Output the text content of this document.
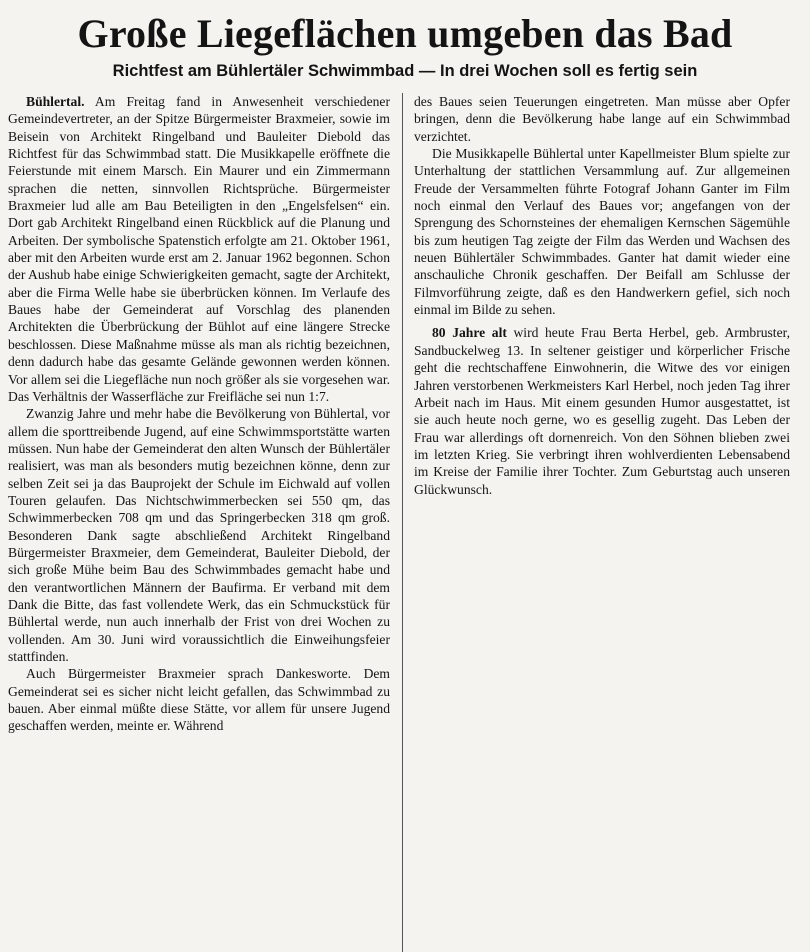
Große Liegeflächen umgeben das Bad
Richtfest am Bühlertäler Schwimmbad — In drei Wochen soll es fertig sein

Bühlertal. Am Freitag fand in Anwesenheit verschiedener Gemeindevertreter, an der Spitze Bürgermeister Braxmeier, sowie im Beisein von Architekt Ringelband und Bauleiter Diebold das Richtfest für das Schwimmbad statt. Die Musikkapelle eröffnete die Feierstunde mit einem Marsch. Ein Maurer und ein Zimmermann sprachen die netten, sinnvollen Richtsprüche. Bürgermeister Braxmeier lud alle am Bau Beteiligten in den „Engelsfelsen“ ein. Dort gab Architekt Ringelband einen Rückblick auf die Planung und Arbeiten. Der symbolische Spatenstich erfolgte am 21. Oktober 1961, aber mit den Arbeiten wurde erst am 2. Januar 1962 begonnen. Schon der Aushub habe einige Schwierigkeiten gemacht, sagte der Architekt, aber die Firma Welle habe sie überbrücken können. Im Verlaufe des Baues habe der Gemeinderat auf Vorschlag des planenden Architekten die Überbrückung der Bühlot auf eine längere Strecke beschlossen. Diese Maßnahme müsse als man als richtig bezeichnen, denn dadurch habe das gesamte Gelände gewonnen werden können. Vor allem sei die Liegefläche nun noch größer als sie vorgesehen war. Das Verhältnis der Wasserfläche zur Freifläche sei nun 1:7.

Zwanzig Jahre und mehr habe die Bevölkerung von Bühlertal, vor allem die sporttreibende Jugend, auf eine Schwimmsportstätte warten müssen. Nun habe der Gemeinderat den alten Wunsch der Bühlertäler realisiert, was man als besonders mutig bezeichnen könne, denn zur selben Zeit sei ja das Bauprojekt der Schule im Eichwald auf vollen Touren gelaufen. Das Nichtschwimmerbecken sei 550 qm, das Schwimmerbecken 708 qm und das Springerbecken 318 qm groß. Besonderen Dank sagte abschließend Architekt Ringelband Bürgermeister Braxmeier, dem Gemeinderat, Bauleiter Diebold, der sich große Mühe beim Bau des Schwimmbades gemacht habe und den verantwortlichen Männern der Baufirma. Er verband mit dem Dank die Bitte, das fast vollendete Werk, das ein Schmuckstück für Bühlertal werde, nun auch innerhalb der Frist von drei Wochen zu vollenden. Am 30. Juni wird voraussichtlich die Einweihungsfeier stattfinden.

Auch Bürgermeister Braxmeier sprach Dankesworte. Dem Gemeinderat sei es sicher nicht leicht gefallen, das Schwimmbad zu bauen. Aber einmal müßte diese Stätte, vor allem für unsere Jugend geschaffen werden, meinte er. Während

des Baues seien Teuerungen eingetreten. Man müsse aber Opfer bringen, denn die Bevölkerung habe lange auf ein Schwimmbad verzichtet.

Die Musikkapelle Bühlertal unter Kapellmeister Blum spielte zur Unterhaltung der stattlichen Versammlung auf. Zur allgemeinen Freude der Versammelten führte Fotograf Johann Ganter im Film noch einmal den Verlauf des Baues vor; angefangen von der Sprengung des Schornsteines der ehemaligen Kernschen Sägemühle bis zum heutigen Tag zeigte der Film das Werden und Wachsen des neuen Bühlertäler Schwimmbades. Ganter hat damit wieder eine anschauliche Chronik geschaffen. Der Beifall am Schlusse der Filmvorführung zeigte, daß es den Handwerkern gefiel, sich noch einmal im Bilde zu sehen.

80 Jahre alt wird heute Frau Berta Herbel, geb. Armbruster, Sandbuckelweg 13. In seltener geistiger und körperlicher Frische geht die rechtschaffene Einwohnerin, die Witwe des vor einigen Jahren verstorbenen Werkmeisters Karl Herbel, noch jeden Tag ihrer Arbeit nach im Haus. Mit einem gesunden Humor ausgestattet, ist sie auch heute noch gerne, wo es gesellig zugeht. Das Leben der Frau war allerdings oft dornenreich. Von den Söhnen blieben zwei im letzten Krieg. Sie verbringt ihren wohlverdienten Lebensabend im Kreise der Familie ihrer Tochter. Zum Geburtstag auch unseren Glückwunsch.
